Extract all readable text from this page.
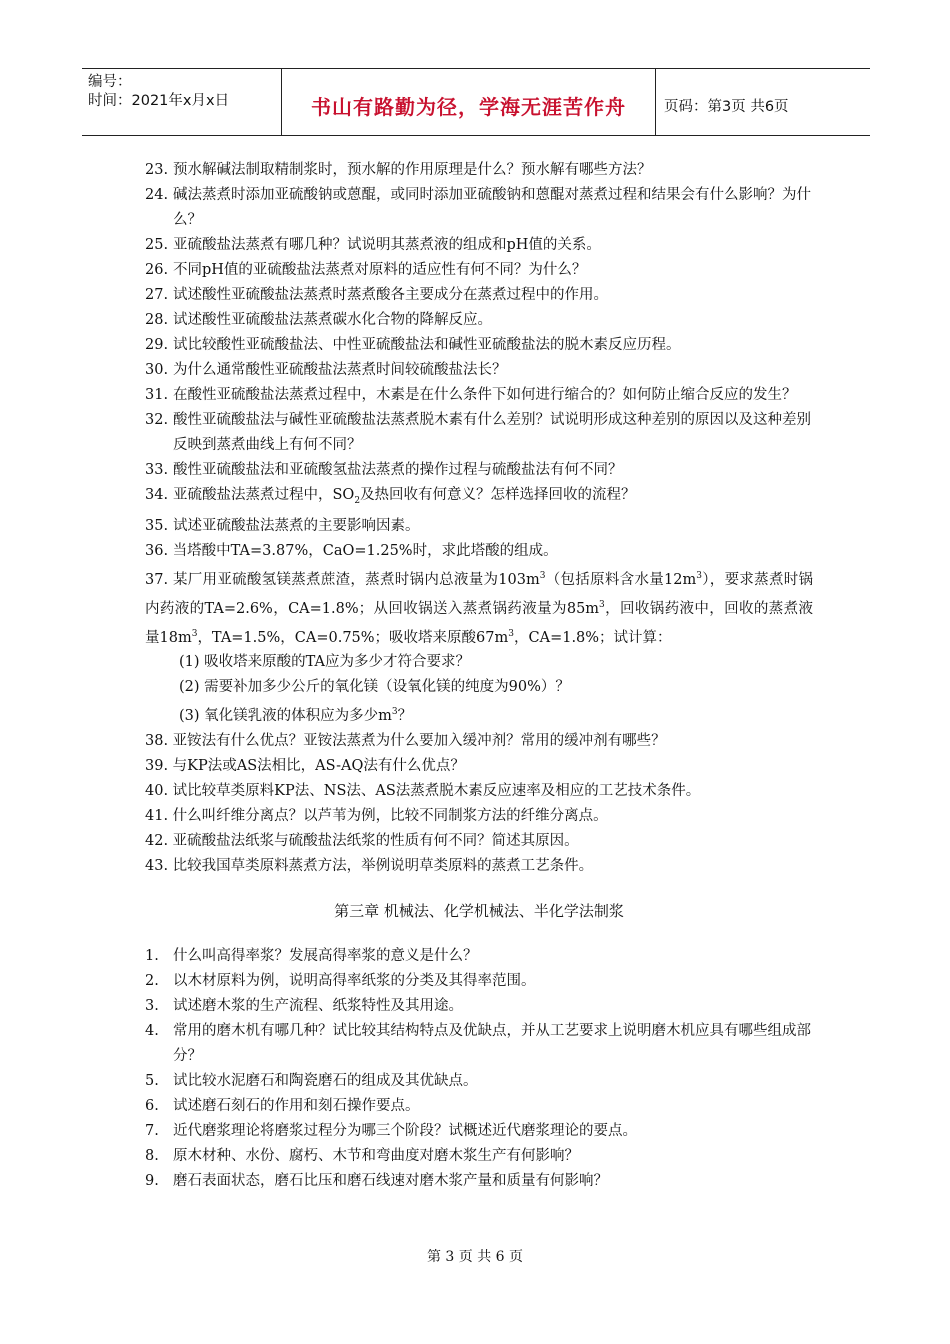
编号：
时间：2021年x月x日	书山有路勤为径，学海无涯苦作舟	页码：第3页 共6页
23. 预水解碱法制取精制浆时，预水解的作用原理是什么？预水解有哪些方法？
24. 碱法蒸煮时添加亚硫酸钠或蒽醌，或同时添加亚硫酸钠和蒽醌对蒸煮过程和结果会有什么影响？为什么？
25. 亚硫酸盐法蒸煮有哪几种？试说明其蒸煮液的组成和pH值的关系。
26. 不同pH值的亚硫酸盐法蒸煮对原料的适应性有何不同？为什么？
27. 试述酸性亚硫酸盐法蒸煮时蒸煮酸各主要成分在蒸煮过程中的作用。
28. 试述酸性亚硫酸盐法蒸煮碳水化合物的降解反应。
29. 试比较酸性亚硫酸盐法、中性亚硫酸盐法和碱性亚硫酸盐法的脱木素反应历程。
30. 为什么通常酸性亚硫酸盐法蒸煮时间较硫酸盐法长？
31. 在酸性亚硫酸盐法蒸煮过程中，木素是在什么条件下如何进行缩合的？如何防止缩合反应的发生？
32. 酸性亚硫酸盐法与碱性亚硫酸盐法蒸煮脱木素有什么差别？试说明形成这种差别的原因以及这种差别反映到蒸煮曲线上有何不同？
33. 酸性亚硫酸盐法和亚硫酸氢盐法蒸煮的操作过程与硫酸盐法有何不同？
34. 亚硫酸盐法蒸煮过程中，$SO_2$及热回收有何意义？怎样选择回收的流程？
35. 试述亚硫酸盐法蒸煮的主要影响因素。

36. 当塔酸中TA=3.87%，CaO=1.25%时，求此塔酸的组成。

37. 某厂用亚硫酸氢镁蒸煮蔗渣，蒸煮时锅内总液量为$103m^3$（包括原料含水量$12m^3$），要求蒸煮时锅内药液的TA=2.6%，CA=1.8%；从回收锅送入蒸煮锅药液量为$85m^3$，回收锅药液中，回收的蒸煮液量$18m^3$，TA=1.5%，CA=0.75%；吸收塔来原酸$67m^3$，CA=1.8%；试计算：

(1) 吸收塔来原酸的TA应为多少才符合要求？

(2) 需要补加多少公斤的氧化镁（设氧化镁的纯度为90%）？

(3) 氧化镁乳液的体积应为多少$m^3$？

38. 亚铵法有什么优点？亚铵法蒸煮为什么要加入缓冲剂？常用的缓冲剂有哪些？

39. 与KP法或AS法相比，AS-AQ法有什么优点？

40. 试比较草类原料KP法、NS法、AS法蒸煮脱木素反应速率及相应的工艺技术条件。

41. 什么叫纤维分离点？以芦苇为例，比较不同制浆方法的纤维分离点。

42. 亚硫酸盐法纸浆与硫酸盐法纸浆的性质有何不同？简述其原因。

43. 比较我国草类原料蒸煮方法，举例说明草类原料的蒸煮工艺条件。

第三章 机械法、化学机械法、半化学法制浆
1. 什么叫高得率浆？发展高得率浆的意义是什么？
2. 以木材原料为例，说明高得率纸浆的分类及其得率范围。
3. 试述磨木浆的生产流程、纸浆特性及其用途。
4. 常用的磨木机有哪几种？试比较其结构特点及优缺点，并从工艺要求上说明磨木机应具有哪些组成部分？
5. 试比较水泥磨石和陶瓷磨石的组成及其优缺点。
6. 试述磨石刻石的作用和刻石操作要点。
7. 近代磨浆理论将磨浆过程分为哪三个阶段？试概述近代磨浆理论的要点。
8. 原木材种、水份、腐朽、木节和弯曲度对磨木浆生产有何影响？
9. 磨石表面状态，磨石比压和磨石线速对磨木浆产量和质量有何影响？
第 3 页 共 6 页
